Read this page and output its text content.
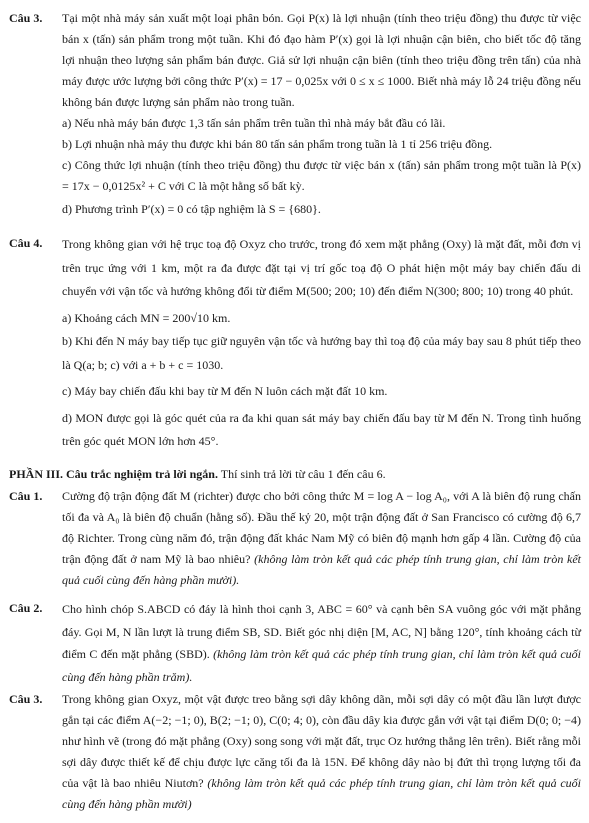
Câu 3.	Tại một nhà máy sản xuất một loại phân bón. Gọi P(x) là lợi nhuận (tính theo triệu đồng) thu được từ việc bán x (tấn) sản phẩm trong một tuần. Khi đó đạo hàm P′(x) gọi là lợi nhuận cận biên, cho biết tốc độ tăng lợi nhuận theo lượng sản phẩm bán được. Giả sử lợi nhuận cận biên (tính theo triệu đồng trên tấn) của nhà máy được ước lượng bởi công thức P′(x) = 17 − 0,025x với 0 ≤ x ≤ 1000. Biết nhà máy lỗ 24 triệu đồng nếu không bán được lượng sản phẩm nào trong tuần.
a) Nếu nhà máy bán được 1,3 tấn sản phẩm trên tuần thì nhà máy bắt đầu có lãi.
b) Lợi nhuận nhà máy thu được khi bán 80 tấn sản phẩm trong tuần là 1 tỉ 256 triệu đồng.
c) Công thức lợi nhuận (tính theo triệu đồng) thu được từ việc bán x (tấn) sản phẩm trong một tuần là P(x) = 17x − 0,0125x² + C với C là một hằng số bất kỳ.
d) Phương trình P′(x) = 0 có tập nghiệm là S = {680}.
Câu 4.	Trong không gian với hệ trục toạ độ Oxyz cho trước, trong đó xem mặt phẳng (Oxy) là mặt đất, mỗi đơn vị trên trục ứng với 1 km, một ra đa được đặt tại vị trí gốc toạ độ O phát hiện một máy bay chiến đấu di chuyển với vận tốc và hướng không đổi từ điểm M(500; 200; 10) đến điểm N(300; 800; 10) trong 40 phút.
a) Khoảng cách MN = 200√10 km.
b) Khi đến N máy bay tiếp tục giữ nguyên vận tốc và hướng bay thì toạ độ của máy bay sau 8 phút tiếp theo là Q(a; b; c) với a + b + c = 1030.
c) Máy bay chiến đấu khi bay từ M đến N luôn cách mặt đất 10 km.
d) MON được gọi là góc quét của ra đa khi quan sát máy bay chiến đấu bay từ M đến N. Trong tình huống trên góc quét MON lớn hơn 45°.
PHẦN III. Câu trắc nghiệm trả lời ngắn. Thí sinh trả lời từ câu 1 đến câu 6.
Câu 1.	Cường độ trận động đất M (richter) được cho bởi công thức M = log A − log A₀, với A là biên độ rung chấn tối đa và A₀ là biên độ chuẩn (hằng số). Đầu thế kỷ 20, một trận động đất ở San Francisco có cường độ 6,7 độ Richter. Trong cùng năm đó, trận động đất khác Nam Mỹ có biên độ mạnh hơn gấp 4 lần. Cường độ của trận động đất ở nam Mỹ là bao nhiêu? (không làm tròn kết quả các phép tính trung gian, chỉ làm tròn kết quả cuối cùng đến hàng phần mười).
Câu 2.	Cho hình chóp S.ABCD có đáy là hình thoi cạnh 3, ABC = 60° và cạnh bên SA vuông góc với mặt phẳng đáy. Gọi M, N lần lượt là trung điểm SB, SD. Biết góc nhị diện [M, AC, N] bằng 120°, tính khoảng cách từ điểm C đến mặt phẳng (SBD). (không làm tròn kết quả các phép tính trung gian, chỉ làm tròn kết quả cuối cùng đến hàng phần trăm).
Câu 3.	Trong không gian Oxyz, một vật được treo bằng sợi dây không dãn, mỗi sợi dây có một đầu lần lượt được gắn tại các điểm A(−2; −1; 0), B(2; −1; 0), C(0; 4; 0), còn đầu dây kia được gắn với vật tại điểm D(0; 0; −4) như hình vẽ (trong đó mặt phẳng (Oxy) song song với mặt đất, trục Oz hướng thẳng lên trên). Biết rằng mỗi sợi dây được thiết kế để chịu được lực căng tối đa là 15N. Để không dây nào bị đứt thì trọng lượng tối đa của vật là bao nhiêu Niutơn? (không làm tròn kết quả các phép tính trung gian, chỉ làm tròn kết quả cuối cùng đến hàng phần mười)
